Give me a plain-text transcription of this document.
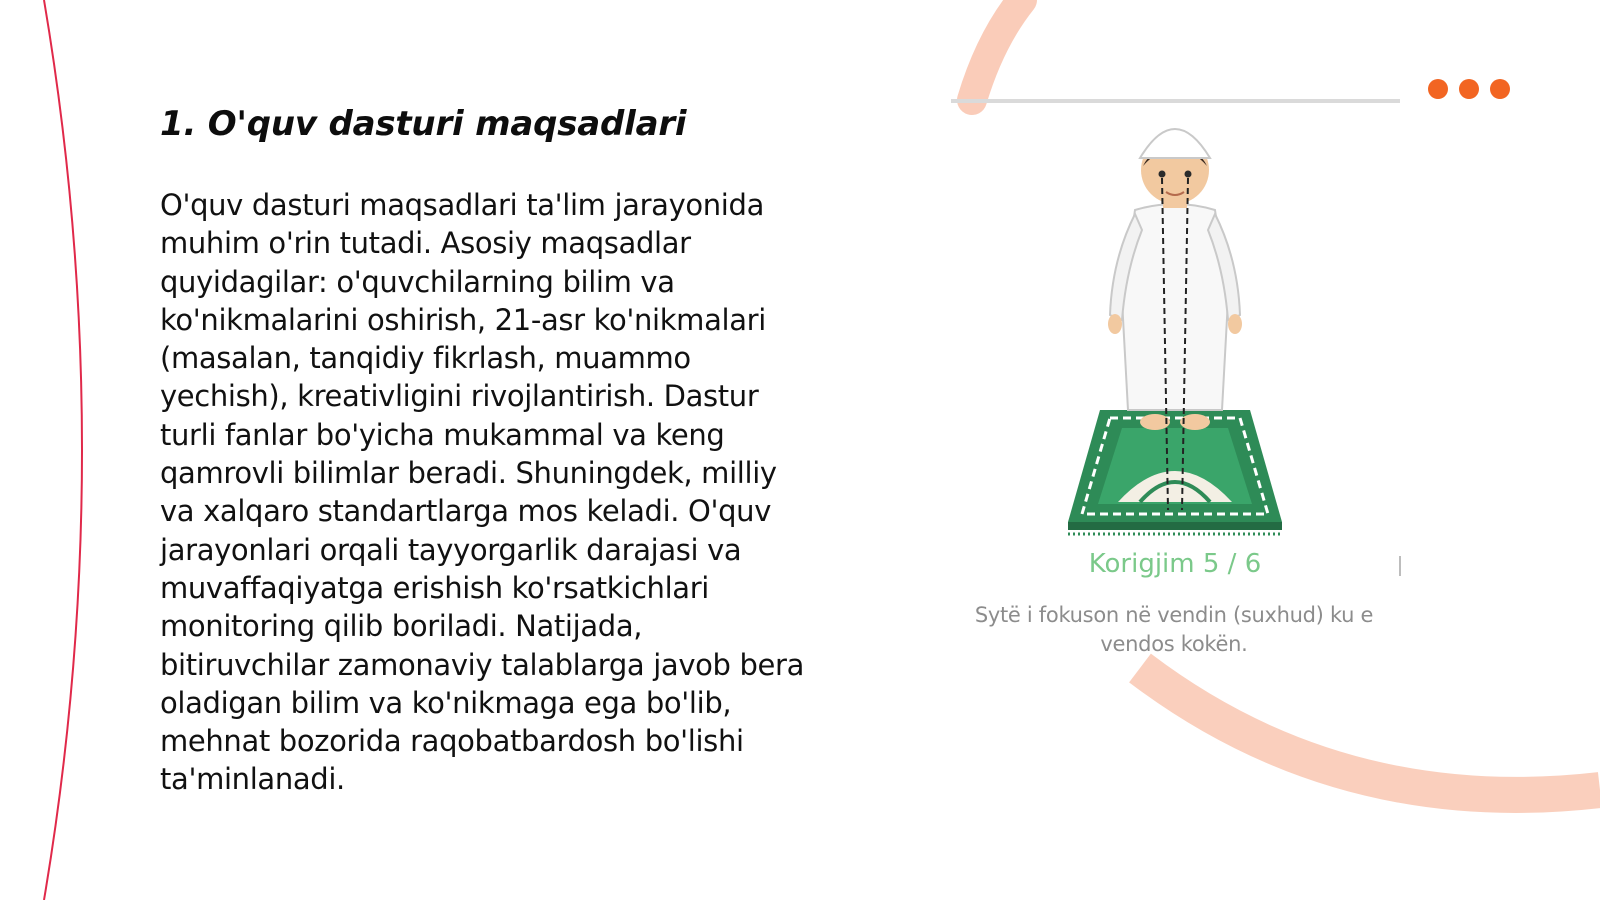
1. O'quv dasturi maqsadlari
O'quv dasturi maqsadlari ta'lim jarayonida
muhim o'rin tutadi. Asosiy maqsadlar
quyidagilar: o'quvchilarning bilim va
ko'nikmalarini oshirish, 21-asr ko'nikmalari
(masalan, tanqidiy fikrlash, muammo
yechish), kreativligini rivojlantirish. Dastur
turli fanlar bo'yicha mukammal va keng
qamrovli bilimlar beradi. Shuningdek, milliy
va xalqaro standartlarga mos keladi. O'quv
jarayonlari orqali tayyorgarlik darajasi va
muvaffaqiyatga erishish ko'rsatkichlari
monitoring qilib boriladi. Natijada,
bitiruvchilar zamonaviy talablarga javob bera
oladigan bilim va ko'nikmaga ega bo'lib,
mehnat bozorida raqobatbardosh bo'lishi
ta'minlanadi.
Korigjim 5 / 6
Sytë i fokuson në vendin (suxhud) ku e
vendos kokën.
